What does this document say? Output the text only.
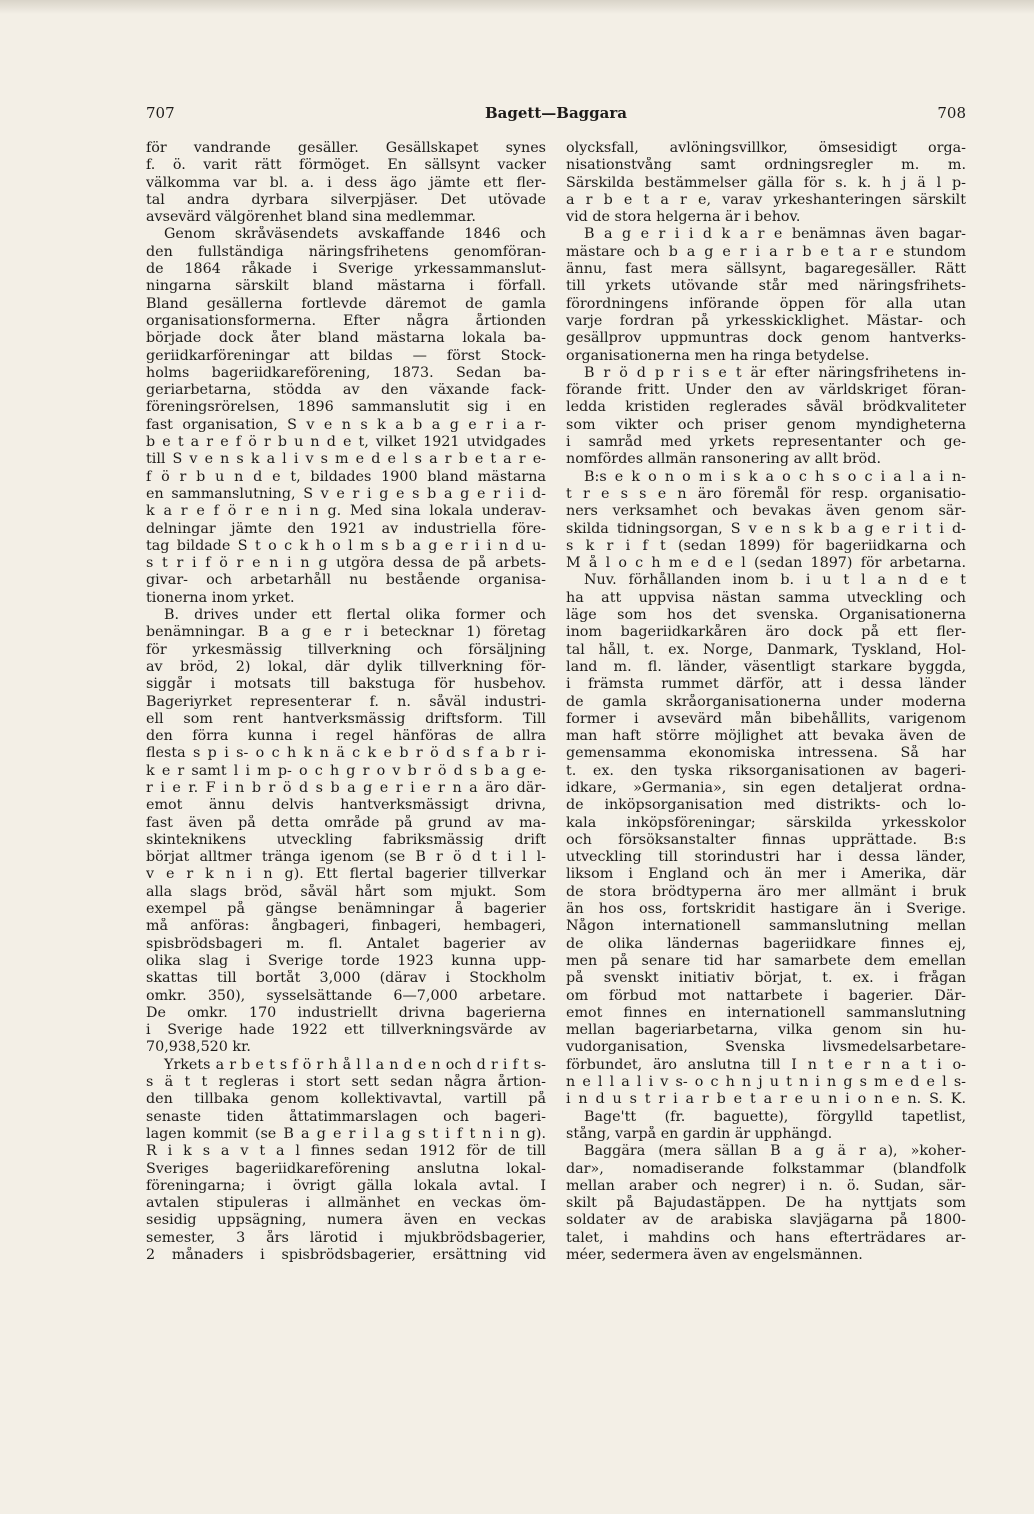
707	Bagett—Baggara	708
för vandrande gesäller. Gesällskapet synes
f. ö. varit rätt förmöget. En sällsynt vacker
välkomma var bl. a. i dess ägo jämte ett fler-
tal andra dyrbara silverpjäser. Det utövade
avsevärd välgörenhet bland sina medlemmar.
Genom skråväsendets avskaffande 1846 och
den fullständiga näringsfrihetens genomföran-
de 1864 råkade i Sverige yrkessammanslut-
ningarna särskilt bland mästarna i förfall.
Bland gesällerna fortlevde däremot de gamla
organisationsformerna. Efter några årtionden
började dock åter bland mästarna lokala ba-
geriidkarföreningar att bildas — först Stock-
holms bageriidkareförening, 1873. Sedan ba-
geriarbetarna, stödda av den växande fack-
föreningsrörelsen, 1896 sammanslutit sig i en
fast organisation, S v e n s k a b a g e r i a r-
b e t a r e f ö r b u n d e t, vilket 1921 utvidgades
till S v e n s k a l i v s m e d e l s a r b e t a r e-
f ö r b u n d e t, bildades 1900 bland mästarna
en sammanslutning, S v e r i g e s b a g e r i i d-
k a r e f ö r e n i n g. Med sina lokala underav-
delningar jämte den 1921 av industriella före-
tag bildade S t o c k h o l m s b a g e r i i n d u-
s t r i f ö r e n i n g utgöra dessa de på arbets-
givar- och arbetarhåll nu bestående organisa-
tionerna inom yrket.
B. drives under ett flertal olika former och
benämningar. B a g e r i betecknar 1) företag
för yrkesmässig tillverkning och försäljning
av bröd, 2) lokal, där dylik tillverkning för-
siggår i motsats till bakstuga för husbehov.
Bageriyrket representerar f. n. såväl industri-
ell som rent hantverksmässig driftsform. Till
den förra kunna i regel hänföras de allra
flesta s p i s- o c h k n ä c k e b r ö d s f a b r i-
k e r samt l i m p- o c h g r o v b r ö d s b a g e-
r i e r. F i n b r ö d s b a g e r i e r n a äro där-
emot ännu delvis hantverksmässigt drivna,
fast även på detta område på grund av ma-
skinteknikens utveckling fabriksmässig drift
börjat alltmer tränga igenom (se B r ö d t i l l-
v e r k n i n g). Ett flertal bagerier tillverkar
alla slags bröd, såväl hårt som mjukt. Som
exempel på gängse benämningar å bagerier
må anföras: ångbageri, finbageri, hembageri,
spisbrödsbageri m. fl. Antalet bagerier av
olika slag i Sverige torde 1923 kunna upp-
skattas till bortåt 3,000 (därav i Stockholm
omkr. 350), sysselsättande 6—7,000 arbetare.
De omkr. 170 industriellt drivna bagerierna
i Sverige hade 1922 ett tillverkningsvärde av
70,938,520 kr.
Yrkets a r b e t s f ö r h å l l a n d e n och d r i f t s-
s ä t t regleras i stort sett sedan några årtion-
den tillbaka genom kollektivavtal, vartill på
senaste tiden åttatimmarslagen och bageri-
lagen kommit (se B a g e r i l a g s t i f t n i n g).
R i k s a v t a l finnes sedan 1912 för de till
Sveriges bageriidkareförening anslutna lokal-
föreningarna; i övrigt gälla lokala avtal. I
avtalen stipuleras i allmänhet en veckas öm-
sesidig uppsägning, numera även en veckas
semester, 3 års lärotid i mjukbrödsbagerier,
2 månaders i spisbrödsbagerier, ersättning vid
olycksfall, avlöningsvillkor, ömsesidigt orga-
nisationstvång samt ordningsregler m. m.
Särskilda bestämmelser gälla för s. k. h j ä l p-
a r b e t a r e, varav yrkeshanteringen särskilt
vid de stora helgerna är i behov.
B a g e r i i d k a r e benämnas även bagar-
mästare och b a g e r i a r b e t a r e stundom
ännu, fast mera sällsynt, bagaregesäller. Rätt
till yrkets utövande står med näringsfrihets-
förordningens införande öppen för alla utan
varje fordran på yrkesskicklighet. Mästar- och
gesällprov uppmuntras dock genom hantverks-
organisationerna men ha ringa betydelse.
B r ö d p r i s e t är efter näringsfrihetens in-
förande fritt. Under den av världskriget föran-
ledda kristiden reglerades såväl brödkvaliteter
som vikter och priser genom myndigheterna
i samråd med yrkets representanter och ge-
nomfördes allmän ransonering av allt bröd.
B:s e k o n o m i s k a o c h s o c i a l a i n-
t r e s s e n äro föremål för resp. organisatio-
ners verksamhet och bevakas även genom sär-
skilda tidningsorgan, S v e n s k b a g e r i t i d-
s k r i f t (sedan 1899) för bageriidkarna och
M å l o c h m e d e l (sedan 1897) för arbetarna.
Nuv. förhållanden inom b. i u t l a n d e t
ha att uppvisa nästan samma utveckling och
läge som hos det svenska. Organisationerna
inom bageriidkarkåren äro dock på ett fler-
tal håll, t. ex. Norge, Danmark, Tyskland, Hol-
land m. fl. länder, väsentligt starkare byggda,
i främsta rummet därför, att i dessa länder
de gamla skråorganisationerna under moderna
former i avsevärd mån bibehållits, varigenom
man haft större möjlighet att bevaka även de
gemensamma ekonomiska intressena. Så har
t. ex. den tyska riksorganisationen av bageri-
idkare, »Germania», sin egen detaljerat ordna-
de inköpsorganisation med distrikts- och lo-
kala inköpsföreningar; särskilda yrkesskolor
och försöksanstalter finnas upprättade. B:s
utveckling till storindustri har i dessa länder,
liksom i England och än mer i Amerika, där
de stora brödtyperna äro mer allmänt i bruk
än hos oss, fortskridit hastigare än i Sverige.
Någon internationell sammanslutning mellan
de olika ländernas bageriidkare finnes ej,
men på senare tid har samarbete dem emellan
på svenskt initiativ börjat, t. ex. i frågan
om förbud mot nattarbete i bagerier. Där-
emot finnes en internationell sammanslutning
mellan bageriarbetarna, vilka genom sin hu-
vudorganisation, Svenska livsmedelsarbetare-
förbundet, äro anslutna till I n t e r n a t i o-
n e l l a l i v s- o c h n j u t n i n g s m e d e l s-
i n d u s t r i a r b e t a r e u n i o n e n. S. K.
Bage'tt (fr. baguette), förgylld tapetlist,
stång, varpå en gardin är upphängd.
Baggära (mera sällan B a g ä r a), »koher-
dar», nomadiserande folkstammar (blandfolk
mellan araber och negrer) i n. ö. Sudan, sär-
skilt på Bajudastäppen. De ha nyttjats som
soldater av de arabiska slavjägarna på 1800-
talet, i mahdins och hans efterträdares ar-
méer, sedermera även av engelsmännen.
